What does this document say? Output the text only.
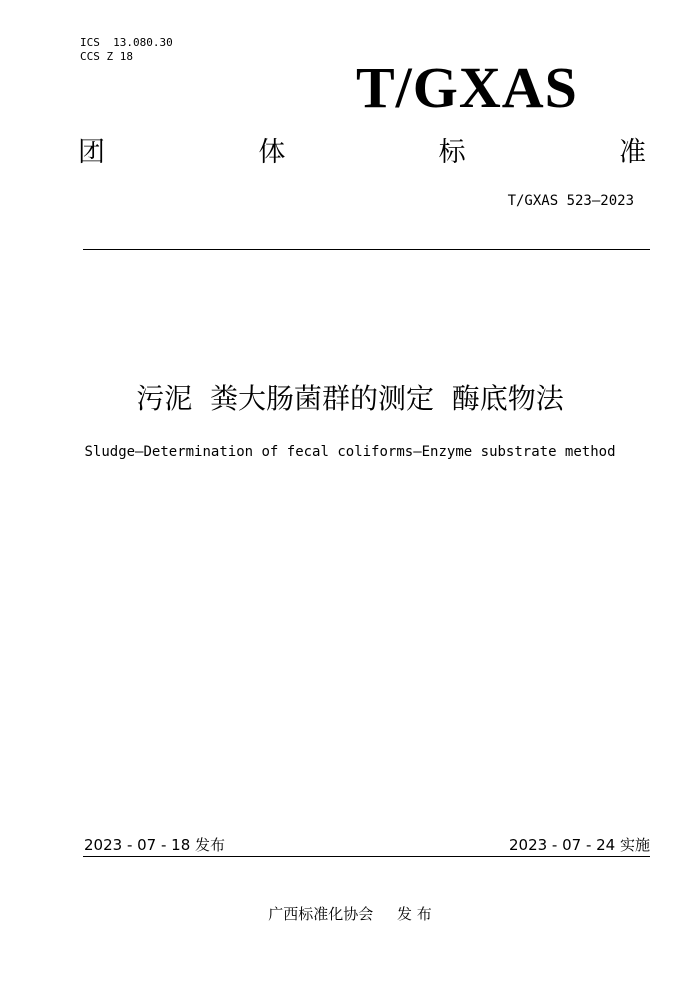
ICS  13.080.30
CCS Z 18	T/GXAS
团	体	标	准
T/GXAS 523—2023
污泥  粪大肠菌群的测定  酶底物法
Sludge—Determination of fecal coliforms—Enzyme substrate method
2023 - 07 - 18 发布	2023 - 07 - 24 实施
广西标准化协会     发 布
